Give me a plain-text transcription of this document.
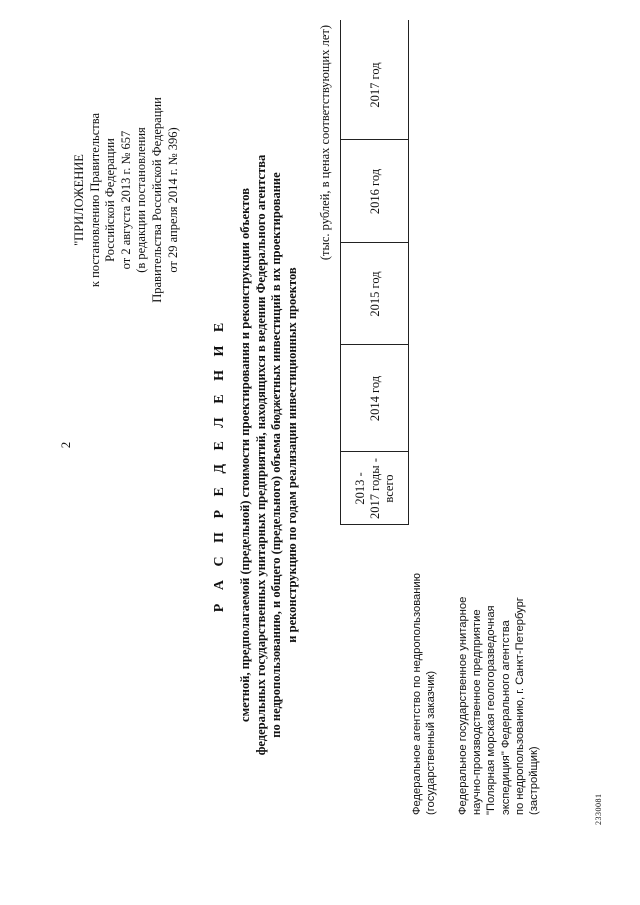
2
"ПРИЛОЖЕНИЕ к постановлению Правительства Российской Федерации от 2 августа 2013 г. № 657 (в редакции постановления Правительства Российской Федерации от 29 апреля 2014 г. № 396)
Р А С П Р Е Д Е Л Е Н И Е сметной, предполагаемой (предельной) стоимости проектирования и реконструкции объектов федеральных государственных унитарных предприятий, находящихся в ведении Федерального агентства по недропользованию, и общего (предельного) объема бюджетных инвестиций в их проектирование и реконструкцию по годам реализации инвестиционных проектов
(тыс. рублей, в ценах соответствующих лет)
2013 - 2017 годы - всего
2014 год
2015 год
2016 год
2017 год
Федеральное агентство по недропользованию (государственный заказчик) Федеральное государственное унитарное научно-производственное предприятие "Полярная морская геологоразведочная экспедиция" Федерального агентства по недропользованию, г. Санкт-Петербург (застройщик)	2330081
